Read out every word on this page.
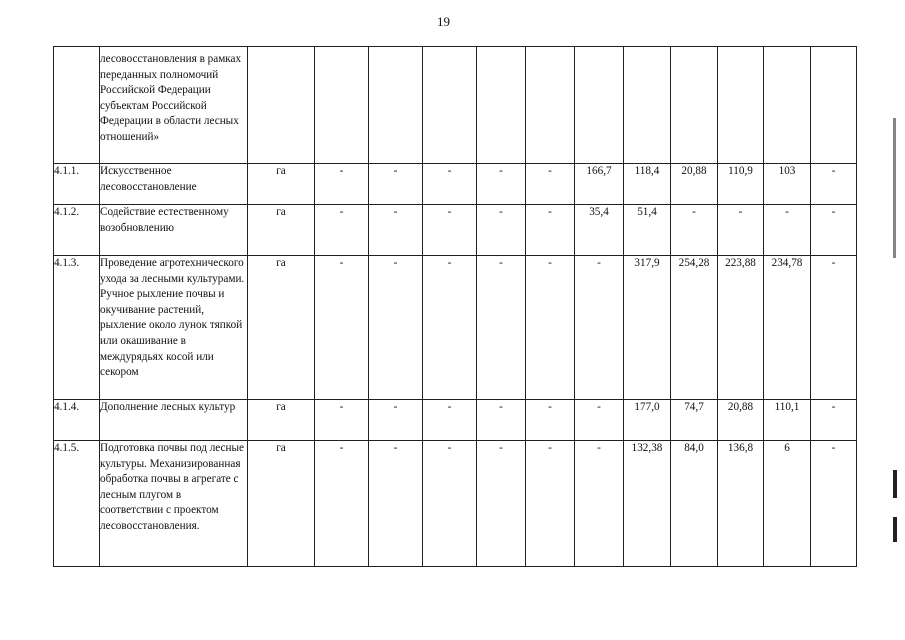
19
	лесовосстановления в рамках переданных полномочий Российской Федерации субъектам Российской Федерации в области лесных отношений»												
4.1.1.	Искусственное лесовосстановление	га	-	-	-	-	-	166,7	118,4	20,88	110,9	103	-
4.1.2.	Содействие естественному возобновлению	га	-	-	-	-	-	35,4	51,4	-	-	-	-
4.1.3.	Проведение агротехнического ухода за лесными культурами. Ручное рыхление почвы и окучивание растений, рыхление около лунок тяпкой или окашивание в междурядьях косой или секором	га	-	-	-	-	-	-	317,9	254,28	223,88	234,78	-
4.1.4.	Дополнение лесных культур	га	-	-	-	-	-	-	177,0	74,7	20,88	110,1	-
4.1.5.	Подготовка почвы под лесные культуры. Механизированная обработка почвы в агрегате с лесным плугом в соответствии с проектом лесовосстановления.	га	-	-	-	-	-	-	132,38	84,0	136,8	6	-
